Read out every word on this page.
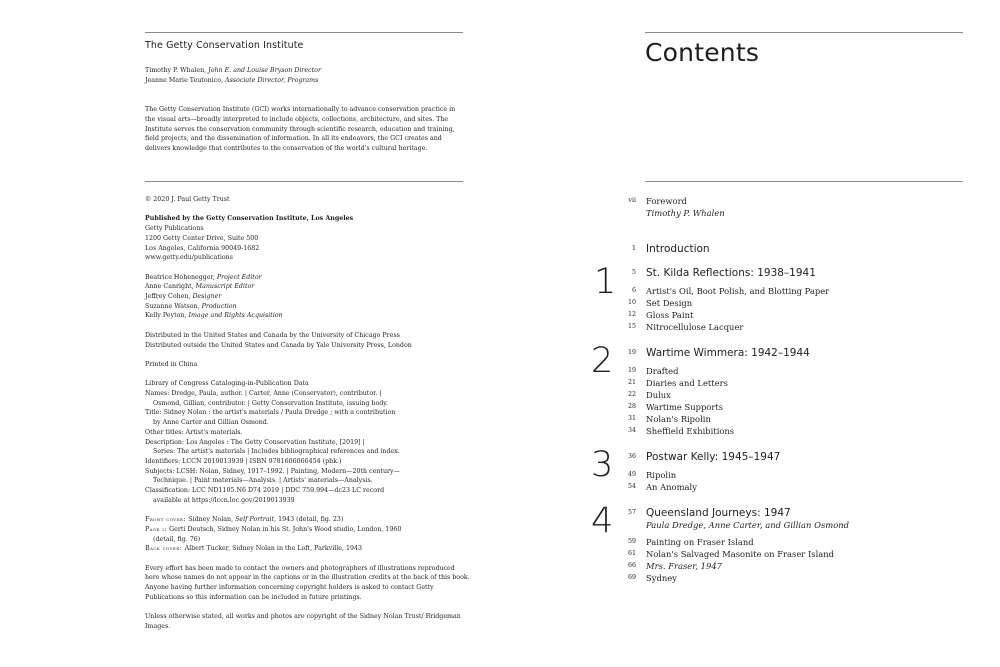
The Getty Conservation Institute

Timothy P. Whalen, John E. and Louise Bryson Director

Jeanne Marie Teutonico, Associate Director, Programs

The Getty Conservation Institute (GCI) works internationally to advance conservation practice in the visual arts—broadly interpreted to include objects, collections, architecture, and sites. The Institute serves the conservation community through scientific research, education and training, field projects, and the dissemination of information. In all its endeavors, the GCI creates and delivers knowledge that contributes to the conservation of the world's cultural heritage.

© 2020 J. Paul Getty Trust

Published by the Getty Conservation Institute, Los Angeles

Getty Publications

1200 Getty Center Drive, Suite 500

Los Angeles, California 90049-1682

www.getty.edu/publications

Beatrice Hohenegger, Project Editor

Anne Canright, Manuscript Editor

Jeffrey Cohen, Designer

Suzanne Watson, Production

Kelly Peyton, Image and Rights Acquisition

Distributed in the United States and Canada by the University of Chicago Press

Distributed outside the United States and Canada by Yale University Press, London

Printed in China

Library of Congress Cataloging-in-Publication Data

Names: Dredge, Paula, author. | Carter, Anne (Conservator), contributor. |

Osmond, Gillian, contributor. | Getty Conservation Institute, issuing body.

Title: Sidney Nolan : the artist's materials / Paula Dredge ; with a contribution

by Anne Carter and Gillian Osmond.

Other titles: Artist's materials.

Description: Los Angeles : The Getty Conservation Institute, [2019] |

Series: The artist's materials | Includes bibliographical references and index.

Identifiers: LCCN 2019013939 | ISBN 9781606066454 (pbk.)

Subjects: LCSH: Nolan, Sidney, 1917–1992. | Painting, Modern—20th century—

Technique. | Paint materials—Analysis. | Artists' materials—Analysis.

Classification: LCC ND1105.N6 D74 2019 | DDC 759.994—dc23 LC record

available at https://lccn.loc.gov/2019013939

Front cover: Sidney Nolan, Self Portrait, 1943 (detail, fig. 23)

Page i: Gerti Deutsch, Sidney Nolan in his St. John's Wood studio, London, 1960

(detail, fig. 76)

Back cover: Albert Tucker, Sidney Nolan in the Loft, Parkville, 1943

Every effort has been made to contact the owners and photographers of illustrations reproduced here whose names do not appear in the captions or in the illustration credits at the back of this book. Anyone having further information concerning copyright holders is asked to contact Getty Publications so this information can be included in future printings.

Unless otherwise stated, all works and photos are copyright of the Sidney Nolan Trust/ Bridgeman Images.

Contents
vii Foreword
Timothy P. Whalen
1 Introduction
1	5 St. Kilda Reflections: 1938–1941
6 Artist's Oil, Boot Polish, and Blotting Paper
10 Set Design
12 Gloss Paint
15 Nitrocellulose Lacquer
2	19 Wartime Wimmera: 1942–1944
19 Drafted
21 Diaries and Letters
22 Dulux
28 Wartime Supports
31 Nolan's Ripolin
34 Sheffield Exhibitions
3	36 Postwar Kelly: 1945–1947
49 Ripolin
54 An Anomaly
4	57 Queensland Journeys: 1947
Paula Dredge, Anne Carter, and Gillian Osmond
59 Painting on Fraser Island
61 Nolan's Salvaged Masonite on Fraser Island
66 Mrs. Fraser, 1947
69 Sydney
